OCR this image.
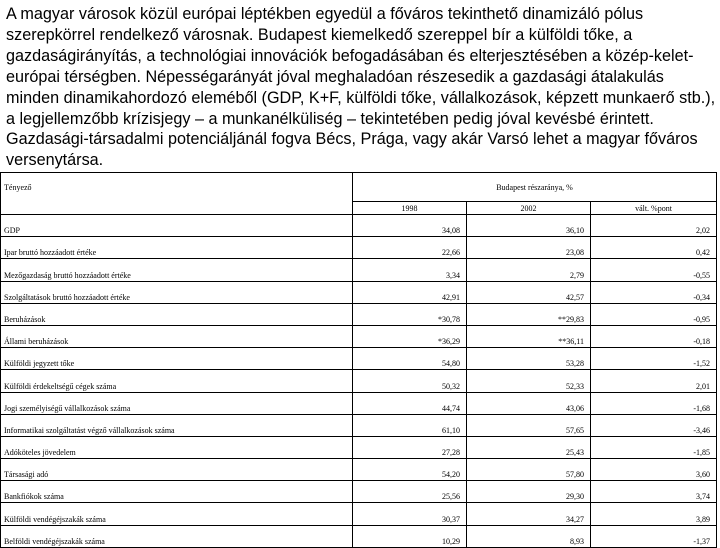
A magyar városok közül európai léptékben egyedül a főváros tekinthető dinamizáló pólus szerepkörrel rendelkező városnak. Budapest kiemelkedő szereppel bír a külföldi tőke, a gazdaságirányítás, a technológiai innovációk befogadásában és elterjesztésében a közép-kelet-európai térségben. Népességarányát jóval meghaladóan részesedik a gazdasági átalakulás minden dinamikahordozó eleméből (GDP, K+F, külföldi tőke, vállalkozások, képzett munkaerő stb.), a legjellemzőbb krízisjegy – a munkanélküliség – tekintetében pedig jóval kevésbé érintett. Gazdasági-társadalmi potenciáljánál fogva Bécs, Prága, vagy akár Varsó lehet a magyar főváros versenytársa.

Tényező	Budapest részaránya, %		
	1998	2002	vált. %pont
GDP	34,08	36,10	2,02
Ipar bruttó hozzáadott értéke	22,66	23,08	0,42
Mezőgazdaság bruttó hozzáadott értéke	3,34	2,79	-0,55
Szolgáltatások bruttó hozzáadott értéke	42,91	42,57	-0,34
Beruházások	*30,78	**29,83	-0,95
Állami beruházások	*36,29	**36,11	-0,18
Külföldi jegyzett tőke	54,80	53,28	-1,52
Külföldi érdekeltségű cégek száma	50,32	52,33	2,01
Jogi személyiségű vállalkozások száma	44,74	43,06	-1,68
Informatikai szolgáltatást végző vállalkozások száma	61,10	57,65	-3,46
Adóköteles jövedelem	27,28	25,43	-1,85
Társasági adó	54,20	57,80	3,60
Bankfiókok száma	25,56	29,30	3,74
Külföldi vendégéjszakák száma	30,37	34,27	3,89
Belföldi vendégéjszakák száma	10,29	8,93	-1,37
